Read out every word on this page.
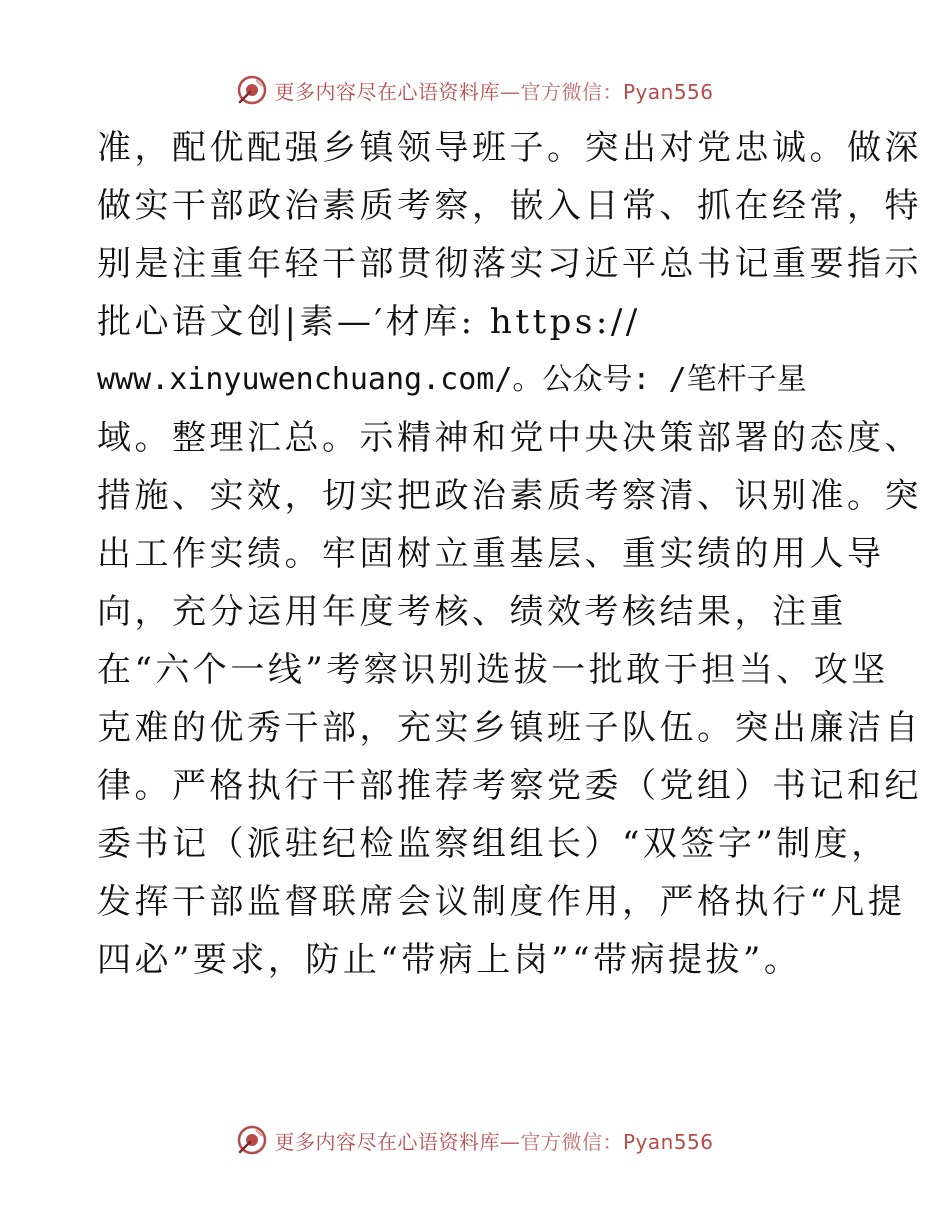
更多内容尽在心语资料库—官方微信：Pyan556
准，配优配强乡镇领导班子。突出对党忠诚。做深
做实干部政治素质考察，嵌入日常、抓在经常，特
别是注重年轻干部贯彻落实习近平总书记重要指示
批心语文创|素—′材库: https://
www.xinyuwenchuang.com/。公众号: /笔杆子星
域。整理汇总。示精神和党中央决策部署的态度、
措施、实效，切实把政治素质考察清、识别准。突
出工作实绩。牢固树立重基层、重实绩的用人导
向，充分运用年度考核、绩效考核结果，注重
在“六个一线”考察识别选拔一批敢于担当、攻坚
克难的优秀干部，充实乡镇班子队伍。突出廉洁自
律。严格执行干部推荐考察党委（党组）书记和纪
委书记（派驻纪检监察组组长）“双签字”制度，
发挥干部监督联席会议制度作用，严格执行“凡提
四必”要求，防止“带病上岗”“带病提拔”。
更多内容尽在心语资料库—官方微信：Pyan556
